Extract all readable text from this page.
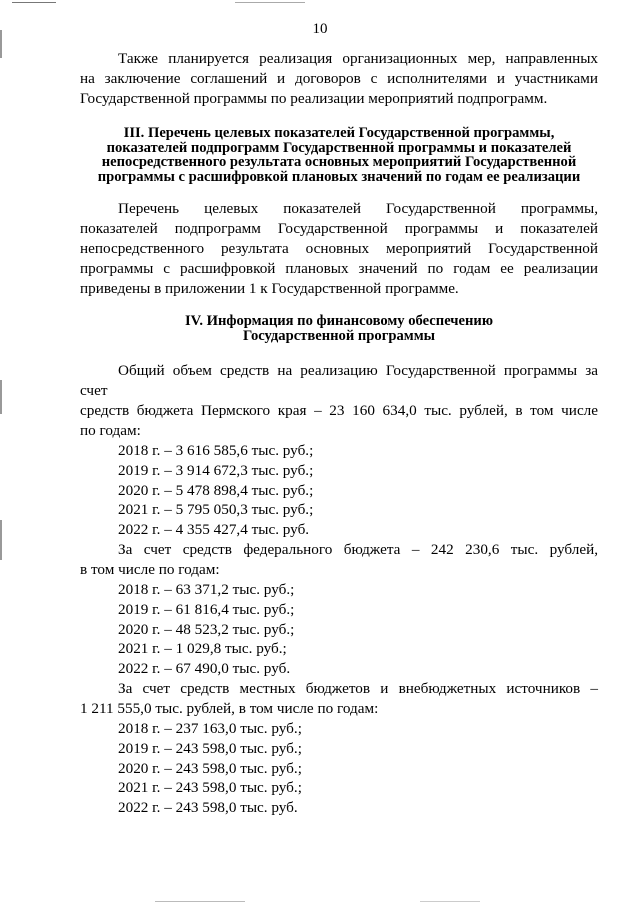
10

Также планируется реализация организационных мер, направленных

на заключение соглашений и договоров с исполнителями и участниками

Государственной программы по реализации мероприятий подпрограмм.

III. Перечень целевых показателей Государственной программы,

показателей подпрограмм Государственной программы и показателей

непосредственного результата основных мероприятий Государственной

программы с расшифровкой плановых значений по годам ее реализации

Перечень целевых показателей Государственной программы,

показателей подпрограмм Государственной программы и показателей

непосредственного результата основных мероприятий Государственной

программы с расшифровкой плановых значений по годам ее реализации

приведены в приложении 1 к Государственной программе.

IV. Информация по финансовому обеспечению

Государственной программы

Общий объем средств на реализацию Государственной программы за счет

средств бюджета Пермского края – 23 160 634,0 тыс. рублей, в том числе

по годам:

2018 г. – 3 616 585,6 тыс. руб.;

2019 г. – 3 914 672,3 тыс. руб.;

2020 г. – 5 478 898,4 тыс. руб.;

2021 г. – 5 795 050,3 тыс. руб.;

2022 г. – 4 355 427,4 тыс. руб.

За счет средств федерального бюджета – 242 230,6 тыс. рублей,

в том числе по годам:

2018 г. – 63 371,2 тыс. руб.;

2019 г. – 61 816,4 тыс. руб.;

2020 г. – 48 523,2 тыс. руб.;

2021 г. – 1 029,8 тыс. руб.;

2022 г. – 67 490,0 тыс. руб.

За счет средств местных бюджетов и внебюджетных источников –

1 211 555,0 тыс. рублей, в том числе по годам:

2018 г. – 237 163,0 тыс. руб.;

2019 г. – 243 598,0 тыс. руб.;

2020 г. – 243 598,0 тыс. руб.;

2021 г. – 243 598,0 тыс. руб.;

2022 г. – 243 598,0 тыс. руб.
